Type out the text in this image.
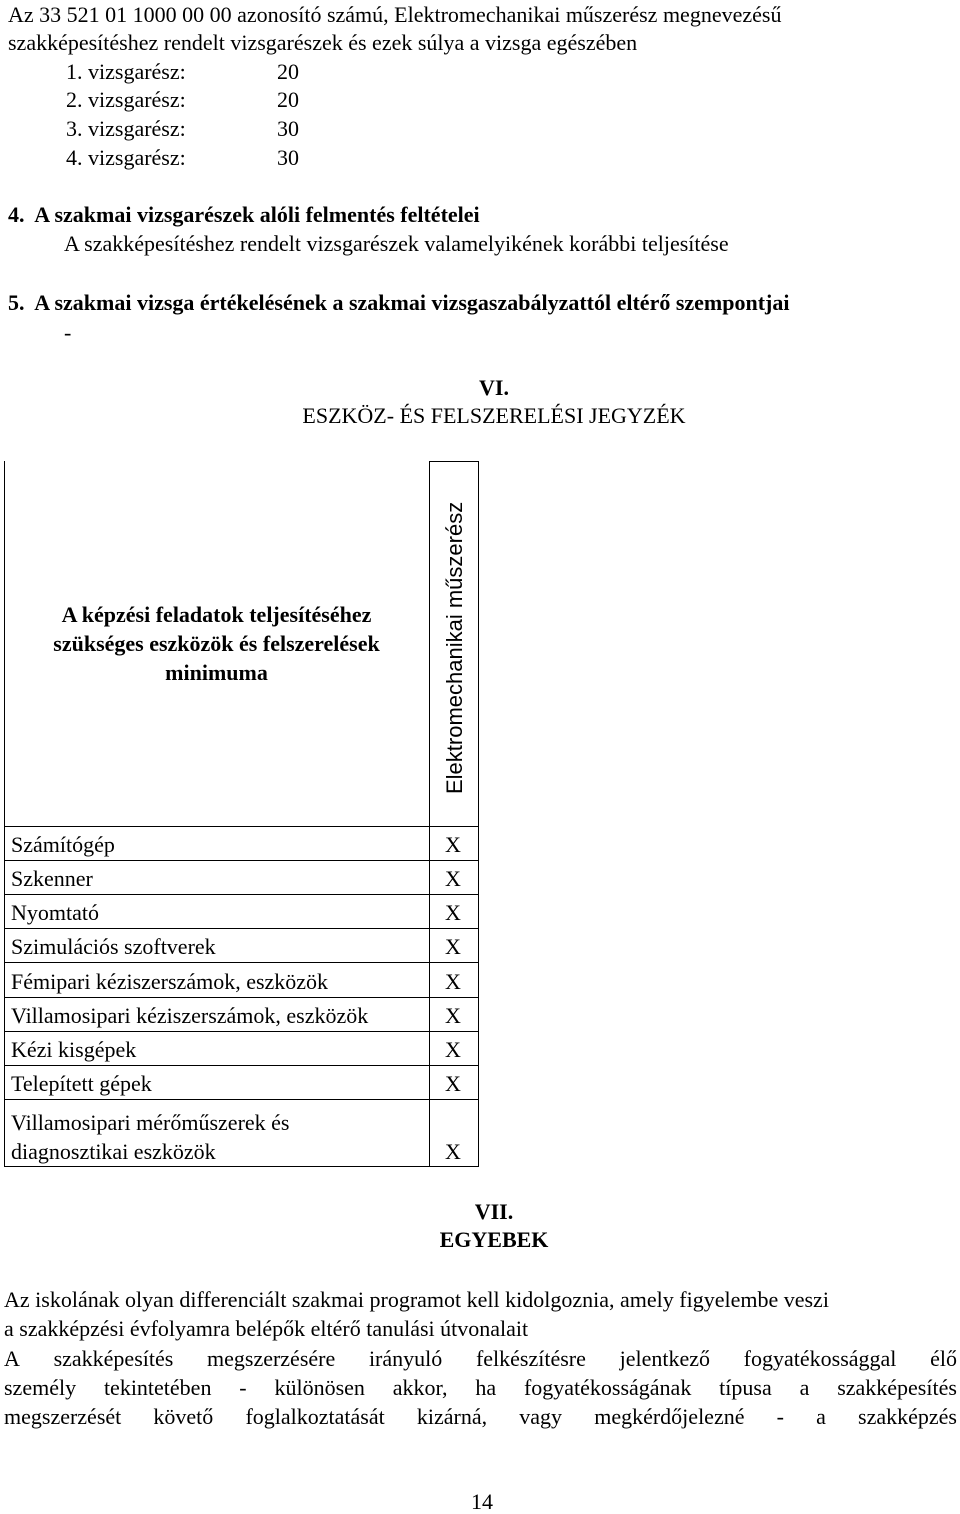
Az 33 521 01 1000 00 00 azonosító számú, Elektromechanikai műszerész megnevezésű
szakképesítéshez rendelt vizsgarészek és ezek súlya a vizsga egészében
1. vizsgarész:	20
2. vizsgarész:	20
3. vizsgarész:	30
4. vizsgarész:	30
4.  A szakmai vizsgarészek alóli felmentés feltételei
A szakképesítéshez rendelt vizsgarészek valamelyikének korábbi teljesítése
5.  A szakmai vizsga értékelésének a szakmai vizsgaszabályzattól eltérő szempontjai
-
VI.
ESZKÖZ- ÉS FELSZERELÉSI JEGYZÉK
A képzési feladatok teljesítéséhez
szükséges eszközök és felszerelések
minimuma	Elektromechanikai műszerész
Számítógép	X
Szkenner	X
Nyomtató	X
Szimulációs szoftverek	X
Fémipari kéziszerszámok, eszközök	X
Villamosipari kéziszerszámok, eszközök	X
Kézi kisgépek	X
Telepített gépek	X
Villamosipari mérőműszerek és
diagnosztikai eszközök	X
VII.
EGYEBEK
Az iskolának olyan differenciált szakmai programot kell kidolgoznia, amely figyelembe veszi
a szakképzési évfolyamra belépők eltérő tanulási útvonalait
A szakképesítés megszerzésére irányuló felkészítésre jelentkező fogyatékossággal élő
személy tekintetében - különösen akkor, ha fogyatékosságának típusa a szakképesítés
megszerzését követő foglalkoztatását kizárná, vagy megkérdőjelezné - a szakképzés
14
